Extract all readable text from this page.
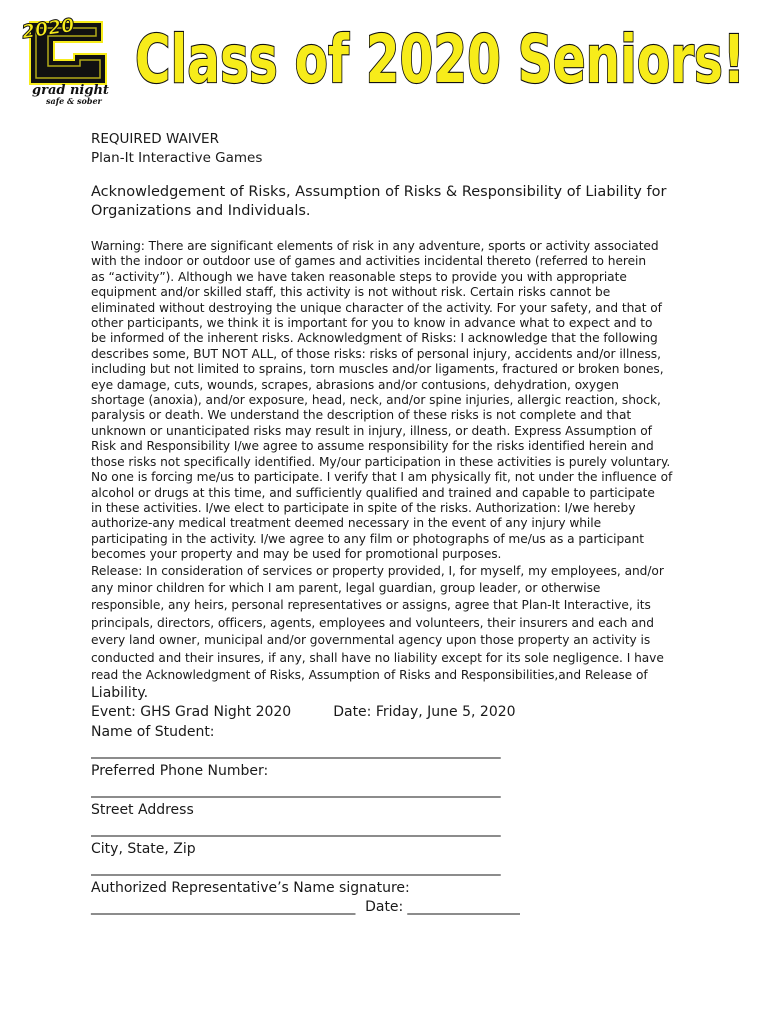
2020
grad night
safe & sober
Class of 2020 Seniors!
REQUIRED WAIVER
Plan-It Interactive Games
Acknowledgement of Risks, Assumption of Risks & Responsibility of Liability for
Organizations and Individuals.
Warning: There are significant elements of risk in any adventure, sports or activity associated
with the indoor or outdoor use of games and activities incidental thereto (referred to herein
as “activity”). Although we have taken reasonable steps to provide you with appropriate
equipment and/or skilled staff, this activity is not without risk. Certain risks cannot be
eliminated without destroying the unique character of the activity. For your safety, and that of
other participants, we think it is important for you to know in advance what to expect and to
be informed of the inherent risks. Acknowledgment of Risks: I acknowledge that the following
describes some, BUT NOT ALL, of those risks: risks of personal injury, accidents and/or illness,
including but not limited to sprains, torn muscles and/or ligaments, fractured or broken bones,
eye damage, cuts, wounds, scrapes, abrasions and/or contusions, dehydration, oxygen
shortage (anoxia), and/or exposure, head, neck, and/or spine injuries, allergic reaction, shock,
paralysis or death. We understand the description of these risks is not complete and that
unknown or unanticipated risks may result in injury, illness, or death. Express Assumption of
Risk and Responsibility I/we agree to assume responsibility for the risks identified herein and
those risks not specifically identified. My/our participation in these activities is purely voluntary.
No one is forcing me/us to participate. I verify that I am physically fit, not under the influence of
alcohol or drugs at this time, and sufficiently qualified and trained and capable to participate
in these activities. I/we elect to participate in spite of the risks. Authorization: I/we hereby
authorize-any medical treatment deemed necessary in the event of any injury while
participating in the activity. I/we agree to any film or photographs of me/us as a participant
becomes your property and may be used for promotional purposes.
Release: In consideration of services or property provided, I, for myself, my employees, and/or
any minor children for which I am parent, legal guardian, group leader, or otherwise
responsible, any heirs, personal representatives or assigns, agree that Plan-It Interactive, its
principals, directors, officers, agents, employees and volunteers, their insurers and each and
every land owner, municipal and/or governmental agency upon those property an activity is
conducted and their insures, if any, shall have no liability except for its sole negligence. I have
read the Acknowledgment of Risks, Assumption of Risks and Responsibilities,and Release of
Liability.
Event: GHS Grad Night 2020	Date: Friday, June 5, 2020
Name of Student:
______________________________________________________________
Preferred Phone Number:
______________________________________________________________
Street Address
______________________________________________________________
City, State, Zip
______________________________________________________________
Authorized Representative’s Name signature:
________________________________________ Date: _________________
